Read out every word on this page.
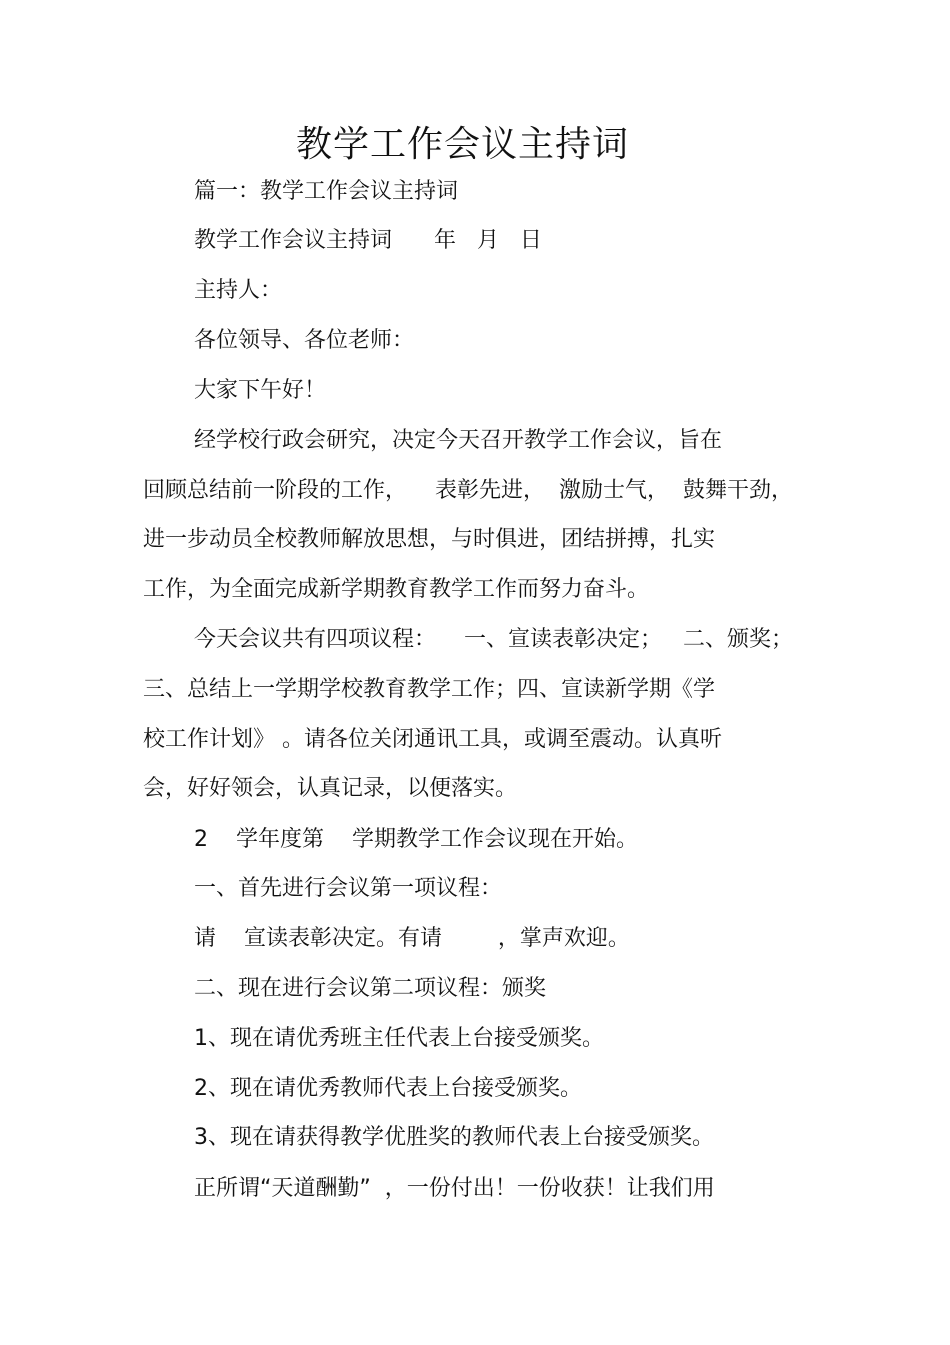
教学工作会议主持词
篇一：教学工作会议主持词
教学工作会议主持词      年   月   日
主持人：
各位领导、各位老师：
大家下午好！
经学校行政会研究，决定今天召开教学工作会议，旨在
回顾总结前一阶段的工作，    表彰先进，  激励士气，  鼓舞干劲，
进一步动员全校教师解放思想，与时俱进，团结拼搏，扎实
工作，为全面完成新学期教育教学工作而努力奋斗。
今天会议共有四项议程：    一、宣读表彰决定；   二、颁奖；
三、总结上一学期学校教育教学工作；四、宣读新学期《学
校工作计划》 。请各位关闭通讯工具，或调至震动。认真听
会，好好领会，认真记录，以便落实。
2    学年度第    学期教学工作会议现在开始。
一、首先进行会议第一项议程：
请    宣读表彰决定。有请        ，掌声欢迎。
二、现在进行会议第二项议程：颁奖
1、现在请优秀班主任代表上台接受颁奖。
2、现在请优秀教师代表上台接受颁奖。
3、现在请获得教学优胜奖的教师代表上台接受颁奖。
正所谓“天道酬勤”  ，一份付出！一份收获！让我们用
